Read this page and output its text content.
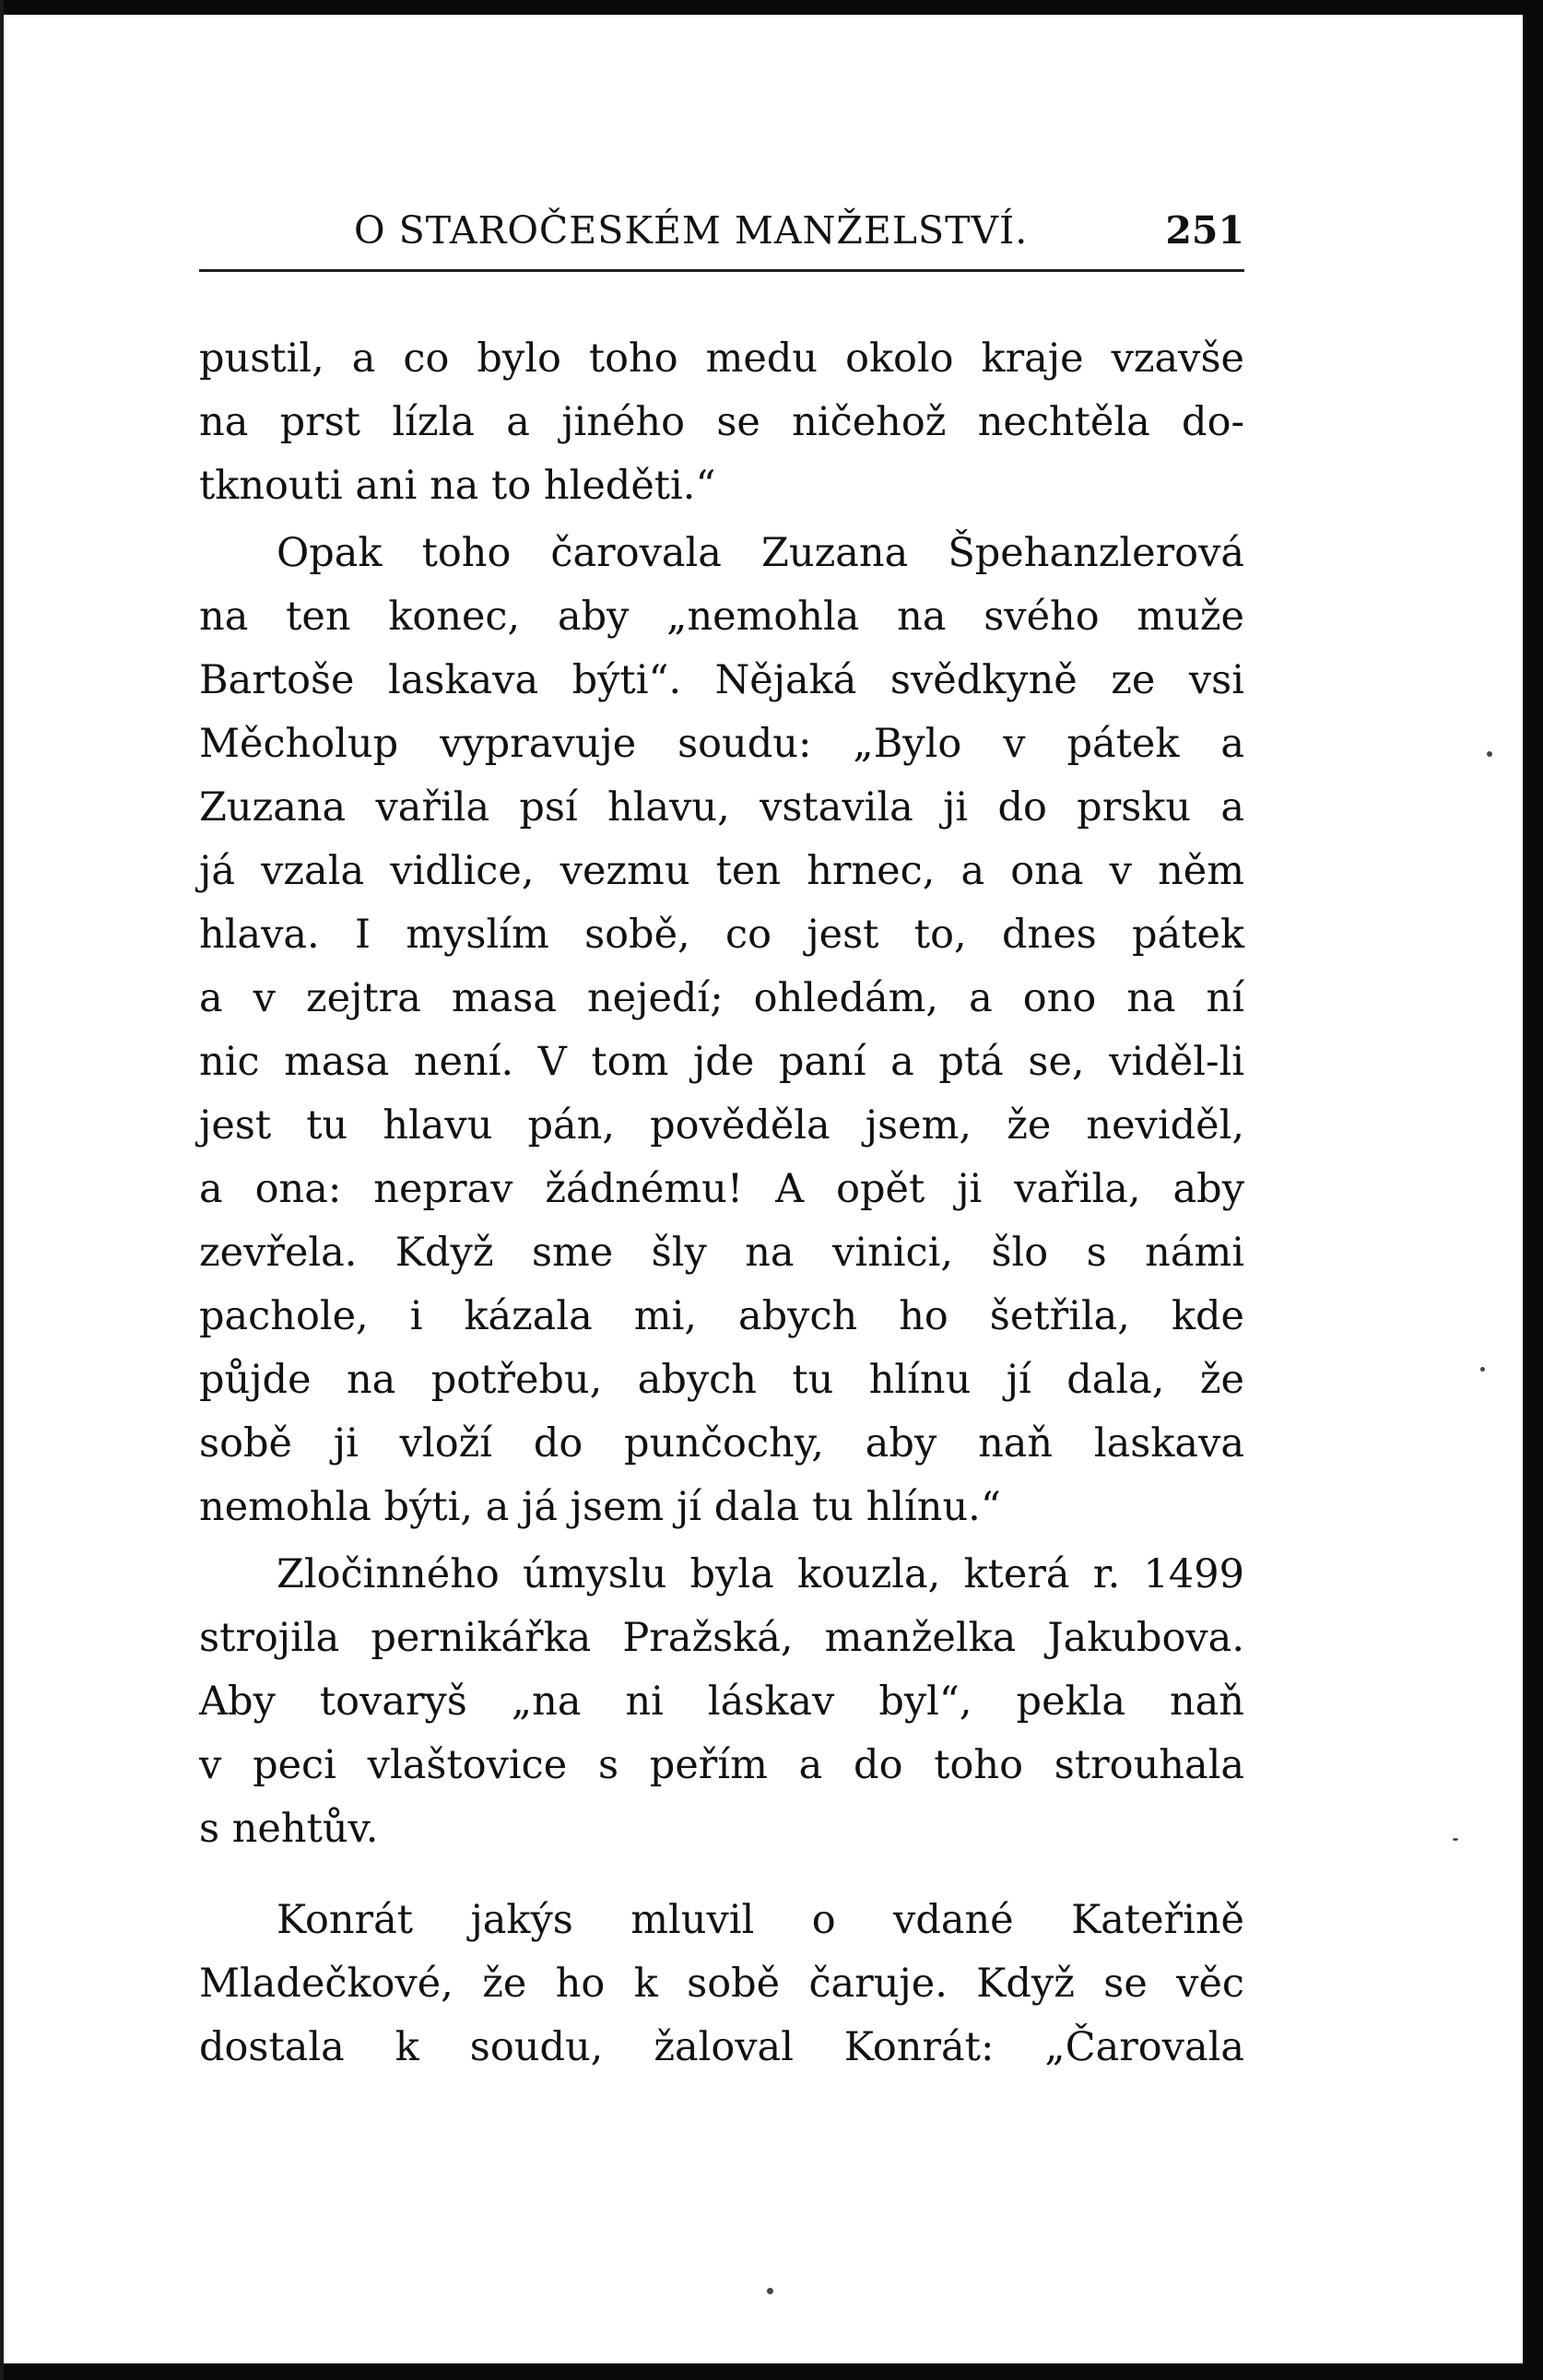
O STAROČESKÉM MANŽELSTVÍ.	251
pustil, a co bylo toho medu okolo kraje vzavše
na prst lízla a jiného se ničehož nechtěla do-
tknouti ani na to hleděti.“
Opak toho čarovala Zuzana Špehanzlerová
na ten konec, aby „nemohla na svého muže
Bartoše laskava býti“. Nějaká svědkyně ze vsi
Měcholup vypravuje soudu: „Bylo v pátek a
Zuzana vařila psí hlavu, vstavila ji do prsku a
já vzala vidlice, vezmu ten hrnec, a ona v něm
hlava. I myslím sobě, co jest to, dnes pátek
a v zejtra masa nejedí; ohledám, a ono na ní
nic masa není. V tom jde paní a ptá se, viděl-li
jest tu hlavu pán, pověděla jsem, že neviděl,
a ona: neprav žádnému! A opět ji vařila, aby
zevřela. Když sme šly na vinici, šlo s námi
pachole, i kázala mi, abych ho šetřila, kde
půjde na potřebu, abych tu hlínu jí dala, že
sobě ji vloží do punčochy, aby naň laskava
nemohla býti, a já jsem jí dala tu hlínu.“
Zločinného úmyslu byla kouzla, která r. 1499
strojila pernikářka Pražská, manželka Jakubova.
Aby tovaryš „na ni láskav byl“, pekla naň
v peci vlaštovice s peřím a do toho strouhala
s nehtův.
Konrát jakýs mluvil o vdané Kateřině
Mladečkové, že ho k sobě čaruje. Když se věc
dostala k soudu, žaloval Konrát: „Čarovala
